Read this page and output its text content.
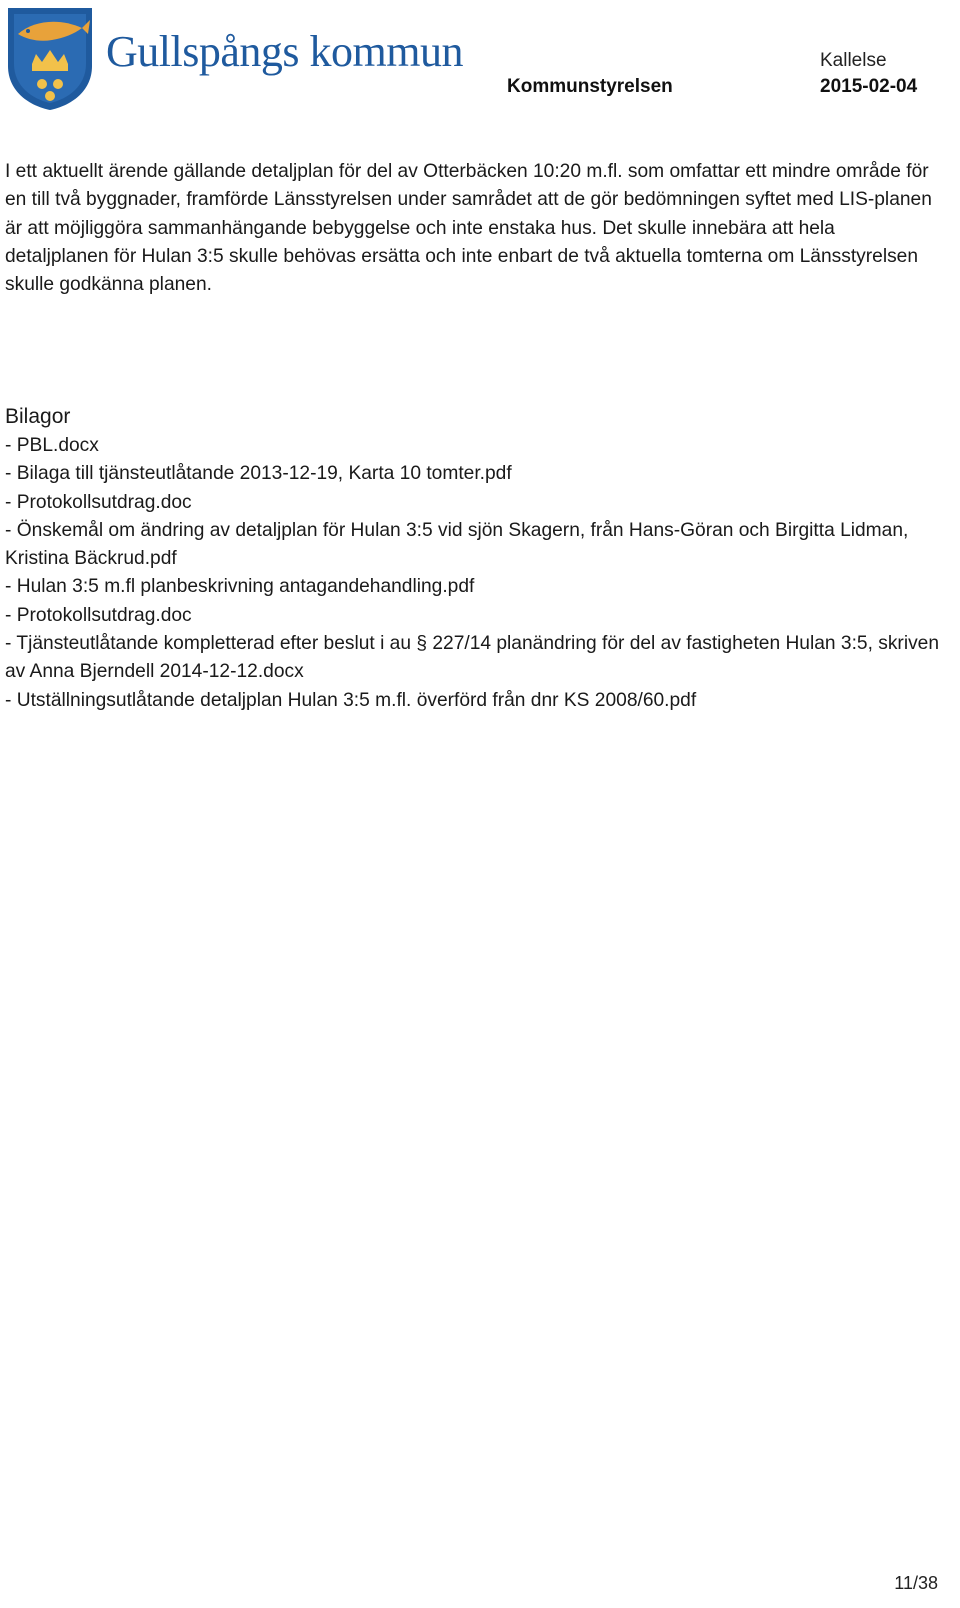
Gullspångs kommun	Kallelse
Kommunstyrelsen	2015-02-04

I ett aktuellt ärende gällande detaljplan för del av Otterbäcken 10:20 m.fl. som omfattar ett mindre område för en till två byggnader, framförde Länsstyrelsen under samrådet att de gör bedömningen syftet med LIS-planen är att möjliggöra sammanhängande bebyggelse och inte enstaka hus. Det skulle innebära att hela detaljplanen för Hulan 3:5 skulle behövas ersätta och inte enbart de två aktuella tomterna om Länsstyrelsen skulle godkänna planen.

Bilagor
- PBL.docx
- Bilaga till tjänsteutlåtande 2013-12-19, Karta 10 tomter.pdf
- Protokollsutdrag.doc
- Önskemål om ändring av detaljplan för Hulan 3:5 vid sjön Skagern, från Hans-Göran och Birgitta Lidman, Kristina Bäckrud.pdf
- Hulan 3:5 m.fl planbeskrivning antagandehandling.pdf
- Protokollsutdrag.doc
- Tjänsteutlåtande kompletterad efter beslut i au § 227/14 planändring för del av fastigheten Hulan 3:5, skriven av Anna Bjerndell 2014-12-12.docx
- Utställningsutlåtande detaljplan Hulan 3:5 m.fl. överförd från dnr KS 2008/60.pdf
11/38
